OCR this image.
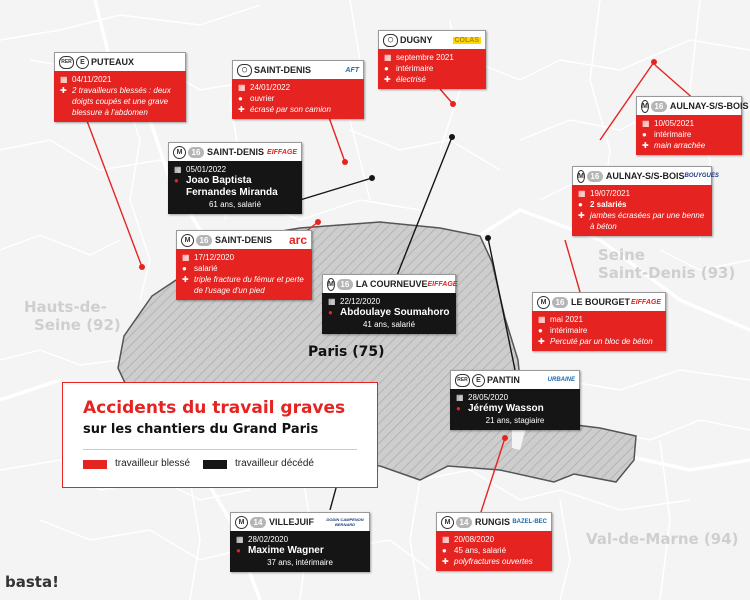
Hauts-de-
Seine (92)
Seine
Saint-Denis (93)
Val-de-Marne (94)
Paris (75)
RER	E PUTEAUX
▦ 04/11/2021
✚ 2 travailleurs blessés : deux doigts coupés et une grave blessure à l'abdomen
◯ SAINT-DENIS	AFT
▦ 24/01/2022
● ouvrier
✚ écrasé par son camion
◯ DUGNY	COLAS
▦ septembre 2021
● intérimaire
✚ électrisé
M 16 AULNAY-S/S-BOIS
▦ 10/05/2021
● intérimaire
✚ main arrachée
M	16 SAINT-DENIS EIFFAGE
▦ 05/01/2022
● Joao Baptista Fernandes Miranda
61 ans, salarié
M 16 AULNAY-S/S-BOIS BOUYGUES
▦ 19/07/2021
● 2 salariés
✚ jambes écrasées par une benne à béton
M	16 SAINT-DENIS arc
▦ 17/12/2020
● salarié
✚ triple fracture du fémur et perte de l'usage d'un pied
M 16 LA COURNEUVE EIFFAGE
▦ 22/12/2020
● Abdoulaye Soumahoro
41 ans, salarié
M	16 LE BOURGET EIFFAGE
▦ mai 2021
● intérimaire
✚ Percuté par un bloc de béton
RER	E PANTIN	URBAINE
▦ 28/05/2020
● Jérémy Wasson
21 ans, stagiaire
M	14 VILLEJUIF	DODIN CAMPENON BERNARD
▦ 28/02/2020
● Maxime Wagner
37 ans, intérimaire
M	14 RUNGIS BAZEL-BEC
▦ 20/08/2020
● 45 ans, salarié
✚ polyfractures ouvertes
Accidents du travail graves
sur les chantiers du Grand Paris
travailleur blessé	travailleur décédé
basta!
